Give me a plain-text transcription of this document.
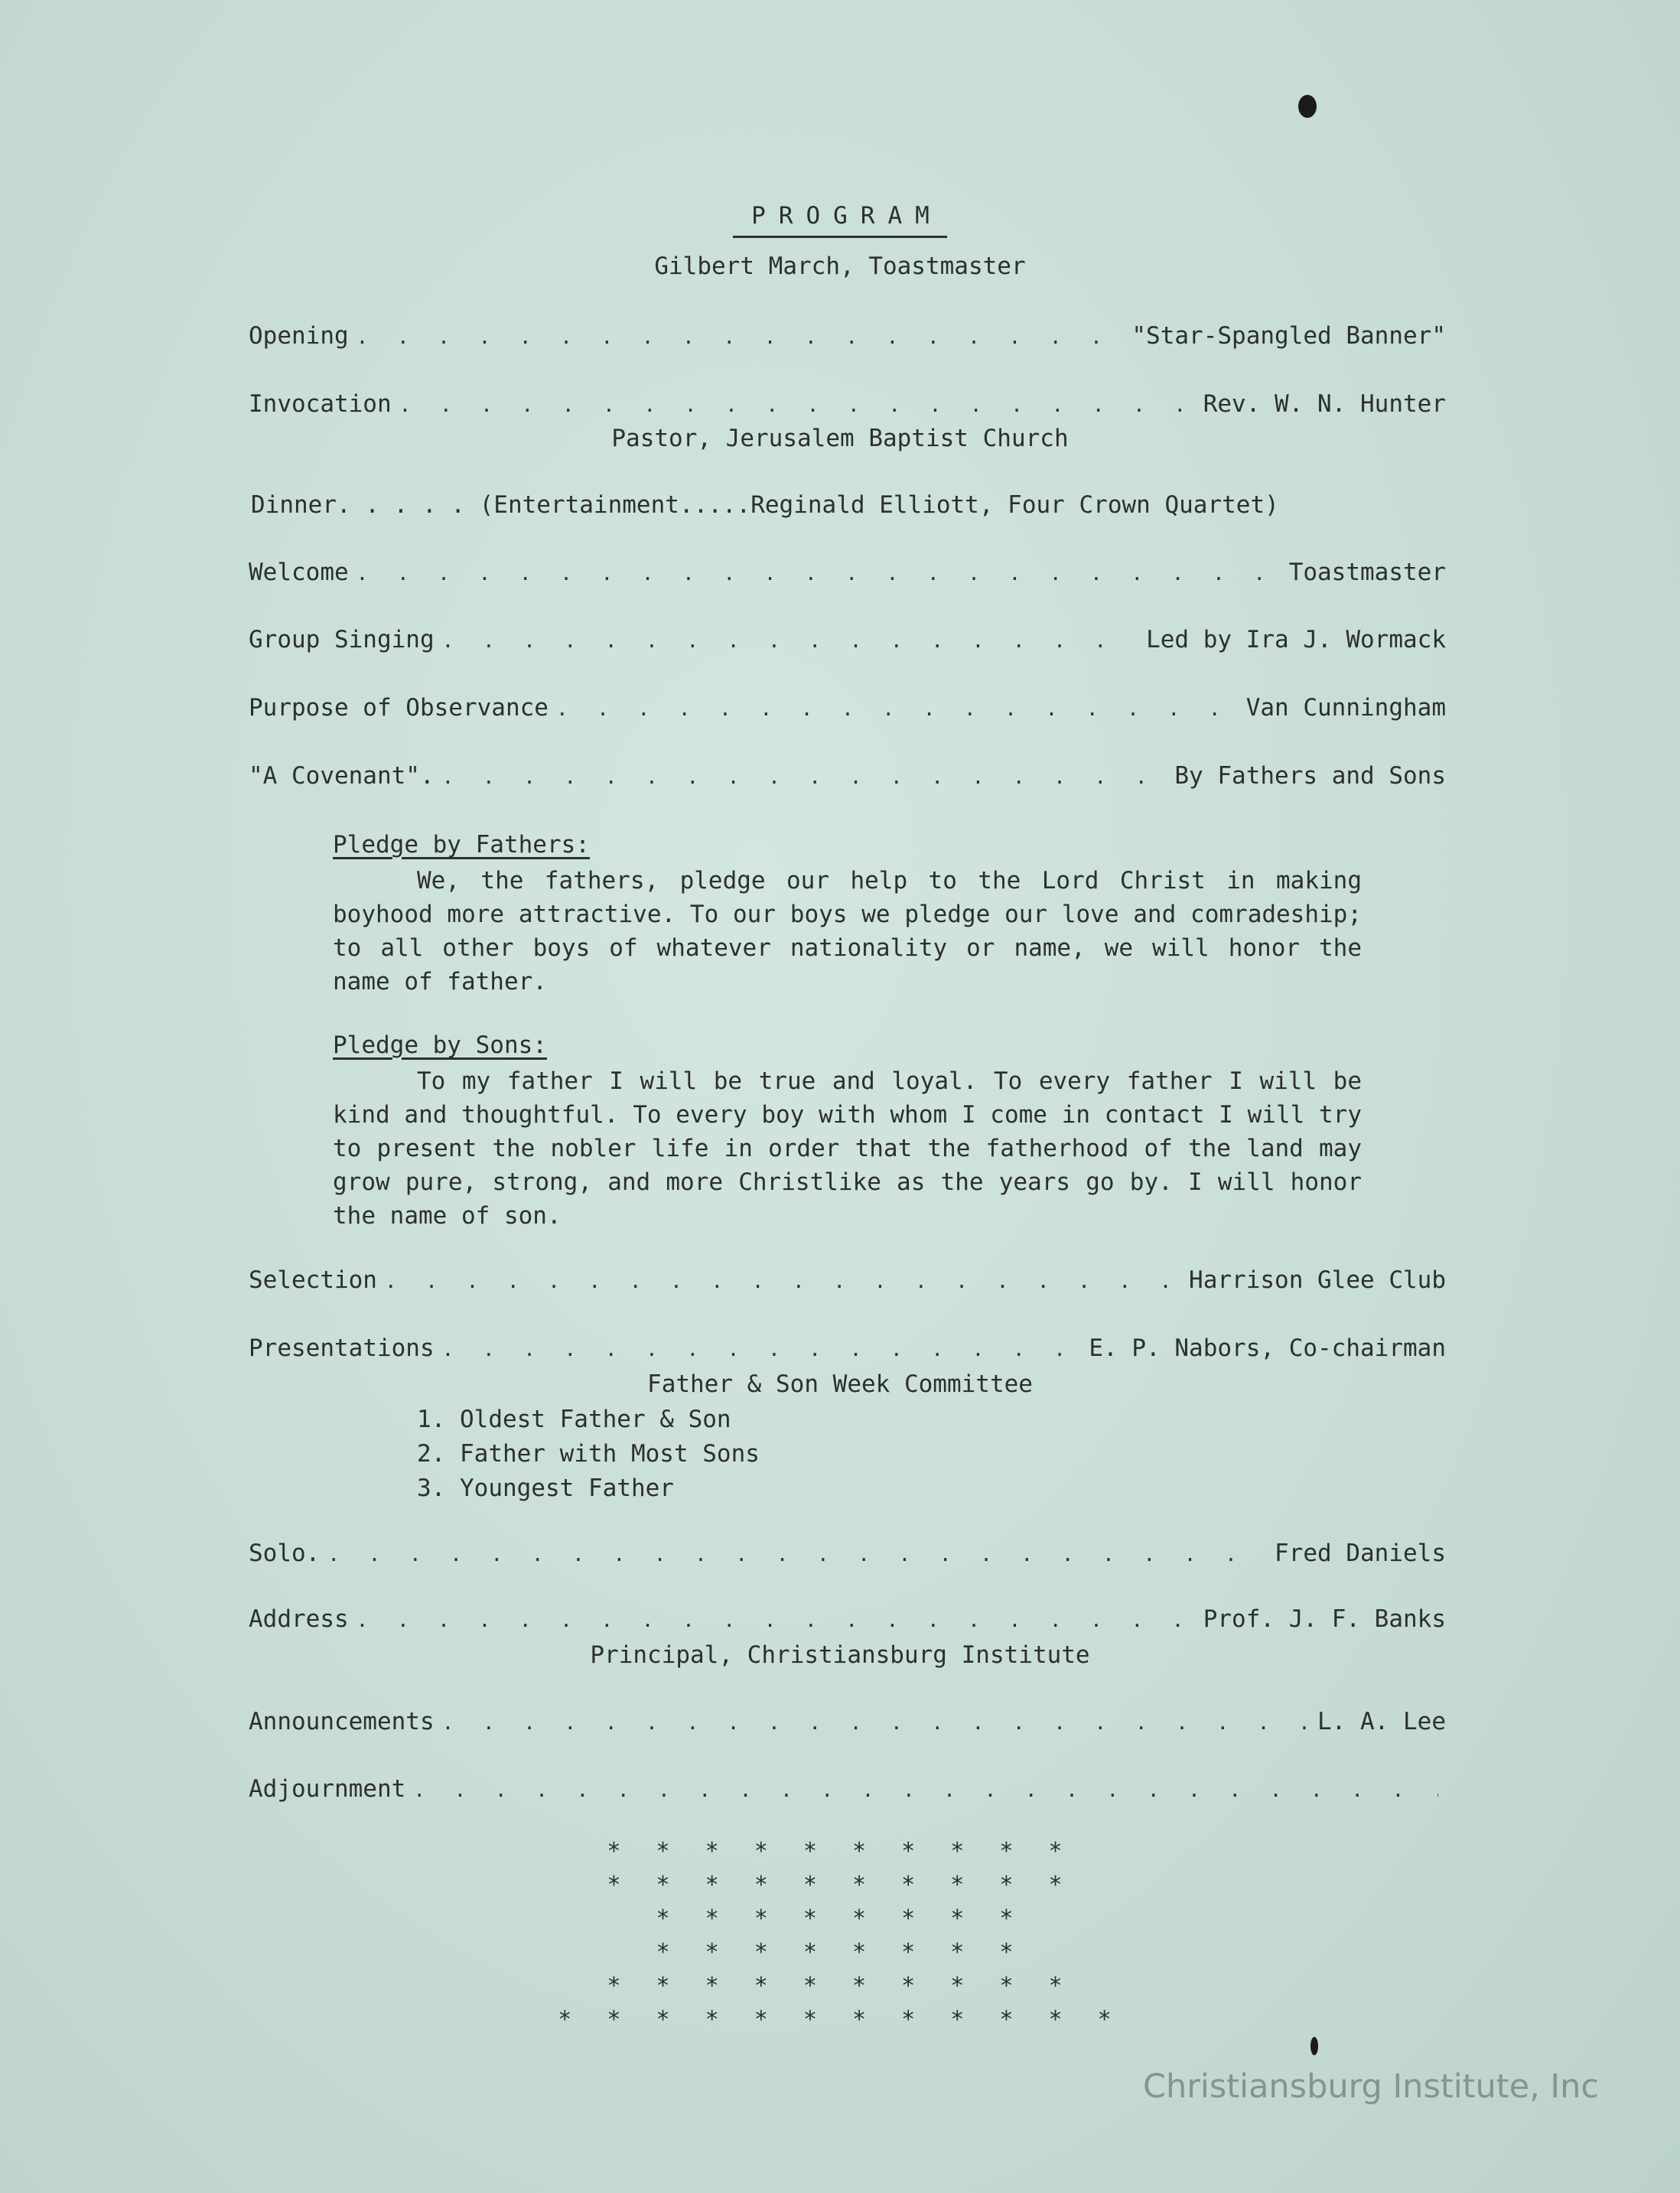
PROGRAM
Gilbert March, Toastmaster
Opening . . .	"Star-Spangled Banner"
Invocation . . .	Rev. W. N. Hunter
Pastor, Jerusalem Baptist Church
Dinner. . . . . (Entertainment.....Reginald Elliott, Four Crown Quartet)
Welcome . . .	Toastmaster
Group Singing . . .	Led by Ira J. Wormack
Purpose of Observance . . .	Van Cunningham
"A Covenant". . . .	By Fathers and Sons
Pledge by Fathers:
We, the fathers, pledge our help to the Lord Christ in making boyhood more attractive. To our boys we pledge our love and comradeship; to all other boys of whatever nationality or name, we will honor the name of father.
Pledge by Sons:
To my father I will be true and loyal. To every father I will be kind and thoughtful. To every boy with whom I come in contact I will try to present the nobler life in order that the fatherhood of the land may grow pure, strong, and more Christlike as the years go by. I will honor the name of son.
Selection . . .	Harrison Glee Club
Presentations . . .	E. P. Nabors, Co-chairman
Father & Son Week Committee
1. Oldest Father & Son
2. Father with Most Sons
3. Youngest Father
Solo. . . .	Fred Daniels
Address . . .	Prof. J. F. Banks
Principal, Christiansburg Institute
Announcements . . .	L. A. Lee
Adjournment
. . .
* * * * * * * * * *
* * * * * * * * * *
* * * * * * * *
* * * * * * * *
* * * * * * * * * *
* * * * * * * * * * * *
Christiansburg Institute, Inc
